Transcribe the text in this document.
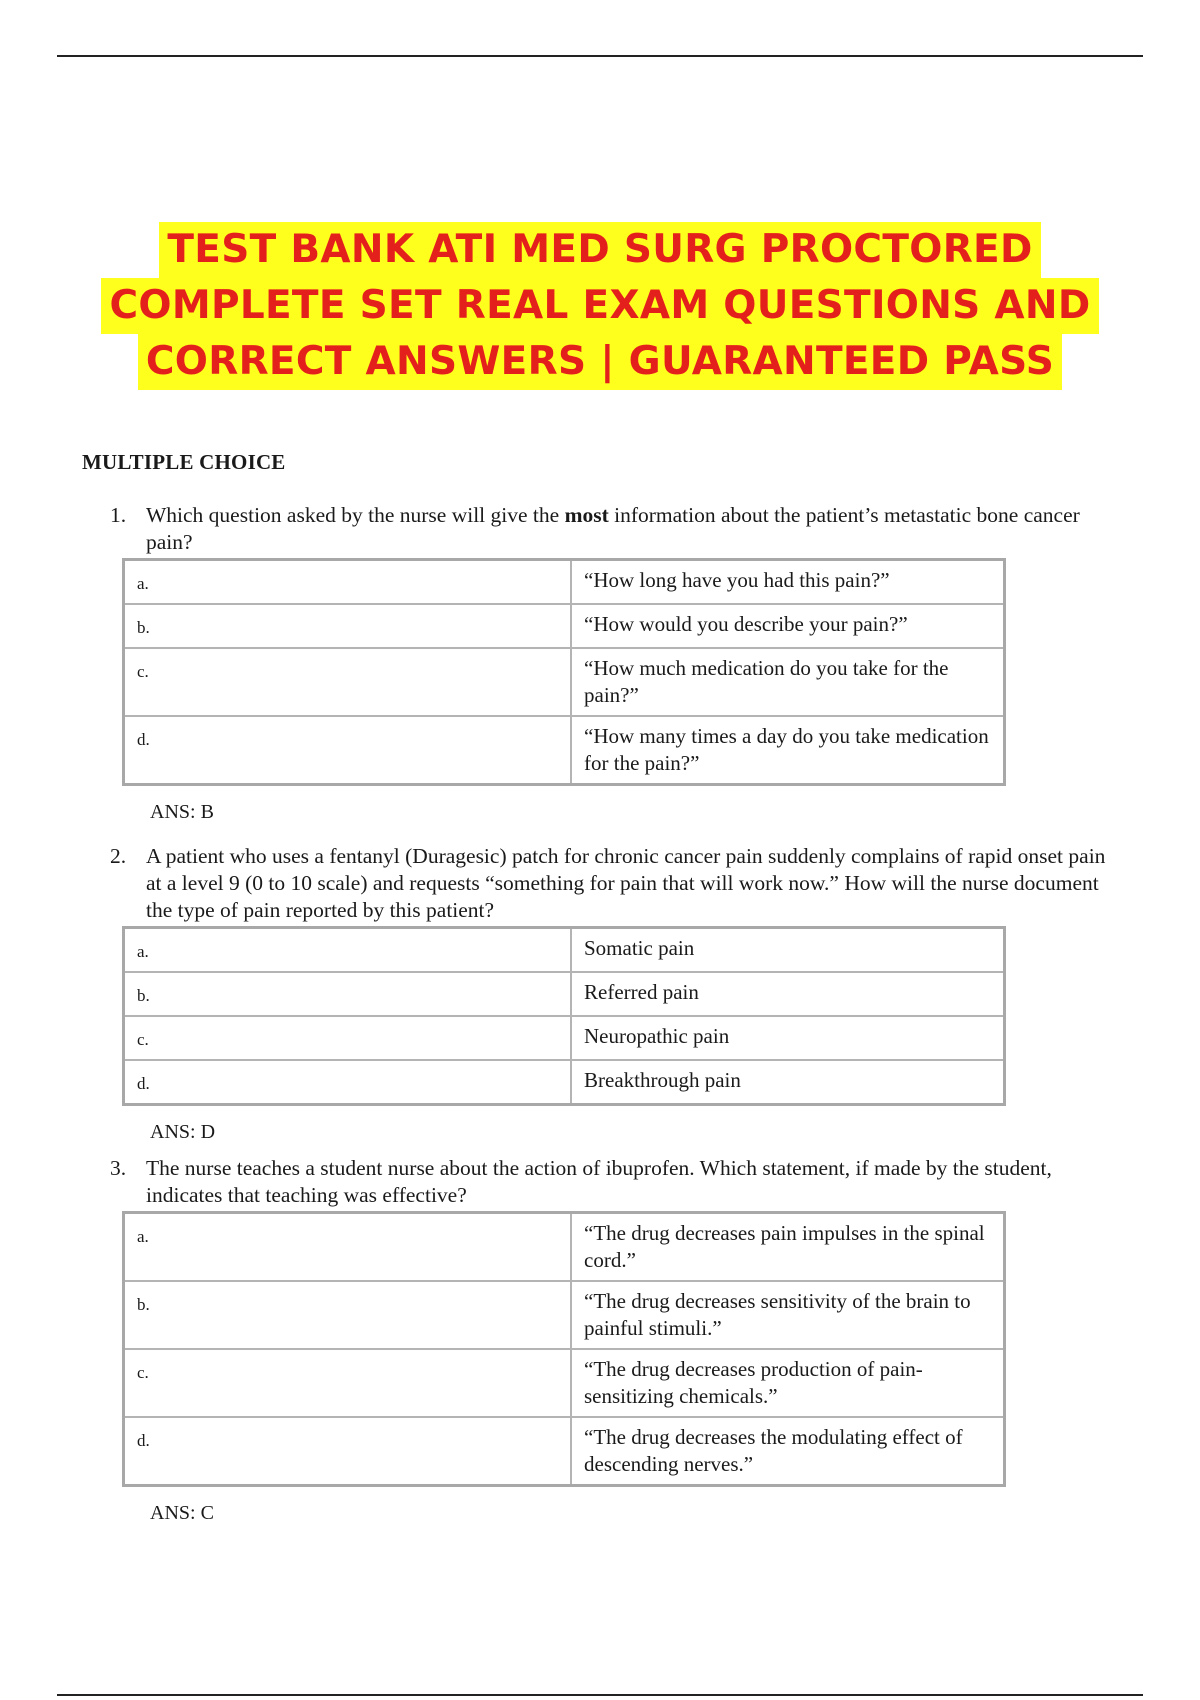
TEST BANK ATI MED SURG PROCTORED
COMPLETE SET REAL EXAM QUESTIONS AND
CORRECT ANSWERS | GUARANTEED PASS
MULTIPLE CHOICE
1. Which question asked by the nurse will give the most information about the patient’s metastatic bone cancer pain?
a.	“How long have you had this pain?”
b.	“How would you describe your pain?”
c.	“How much medication do you take for the pain?”
d.	“How many times a day do you take medication for the pain?”
ANS: B
2. A patient who uses a fentanyl (Duragesic) patch for chronic cancer pain suddenly complains of rapid onset pain at a level 9 (0 to 10 scale) and requests “something for pain that will work now.” How will the nurse document the type of pain reported by this patient?
a.	Somatic pain
b.	Referred pain
c.	Neuropathic pain
d.	Breakthrough pain
ANS: D
3. The nurse teaches a student nurse about the action of ibuprofen. Which statement, if made by the student, indicates that teaching was effective?
a.	“The drug decreases pain impulses in the spinal cord.”
b.	“The drug decreases sensitivity of the brain to painful stimuli.”
c.	“The drug decreases production of pain-sensitizing chemicals.”
d.	“The drug decreases the modulating effect of descending nerves.”
ANS: C
